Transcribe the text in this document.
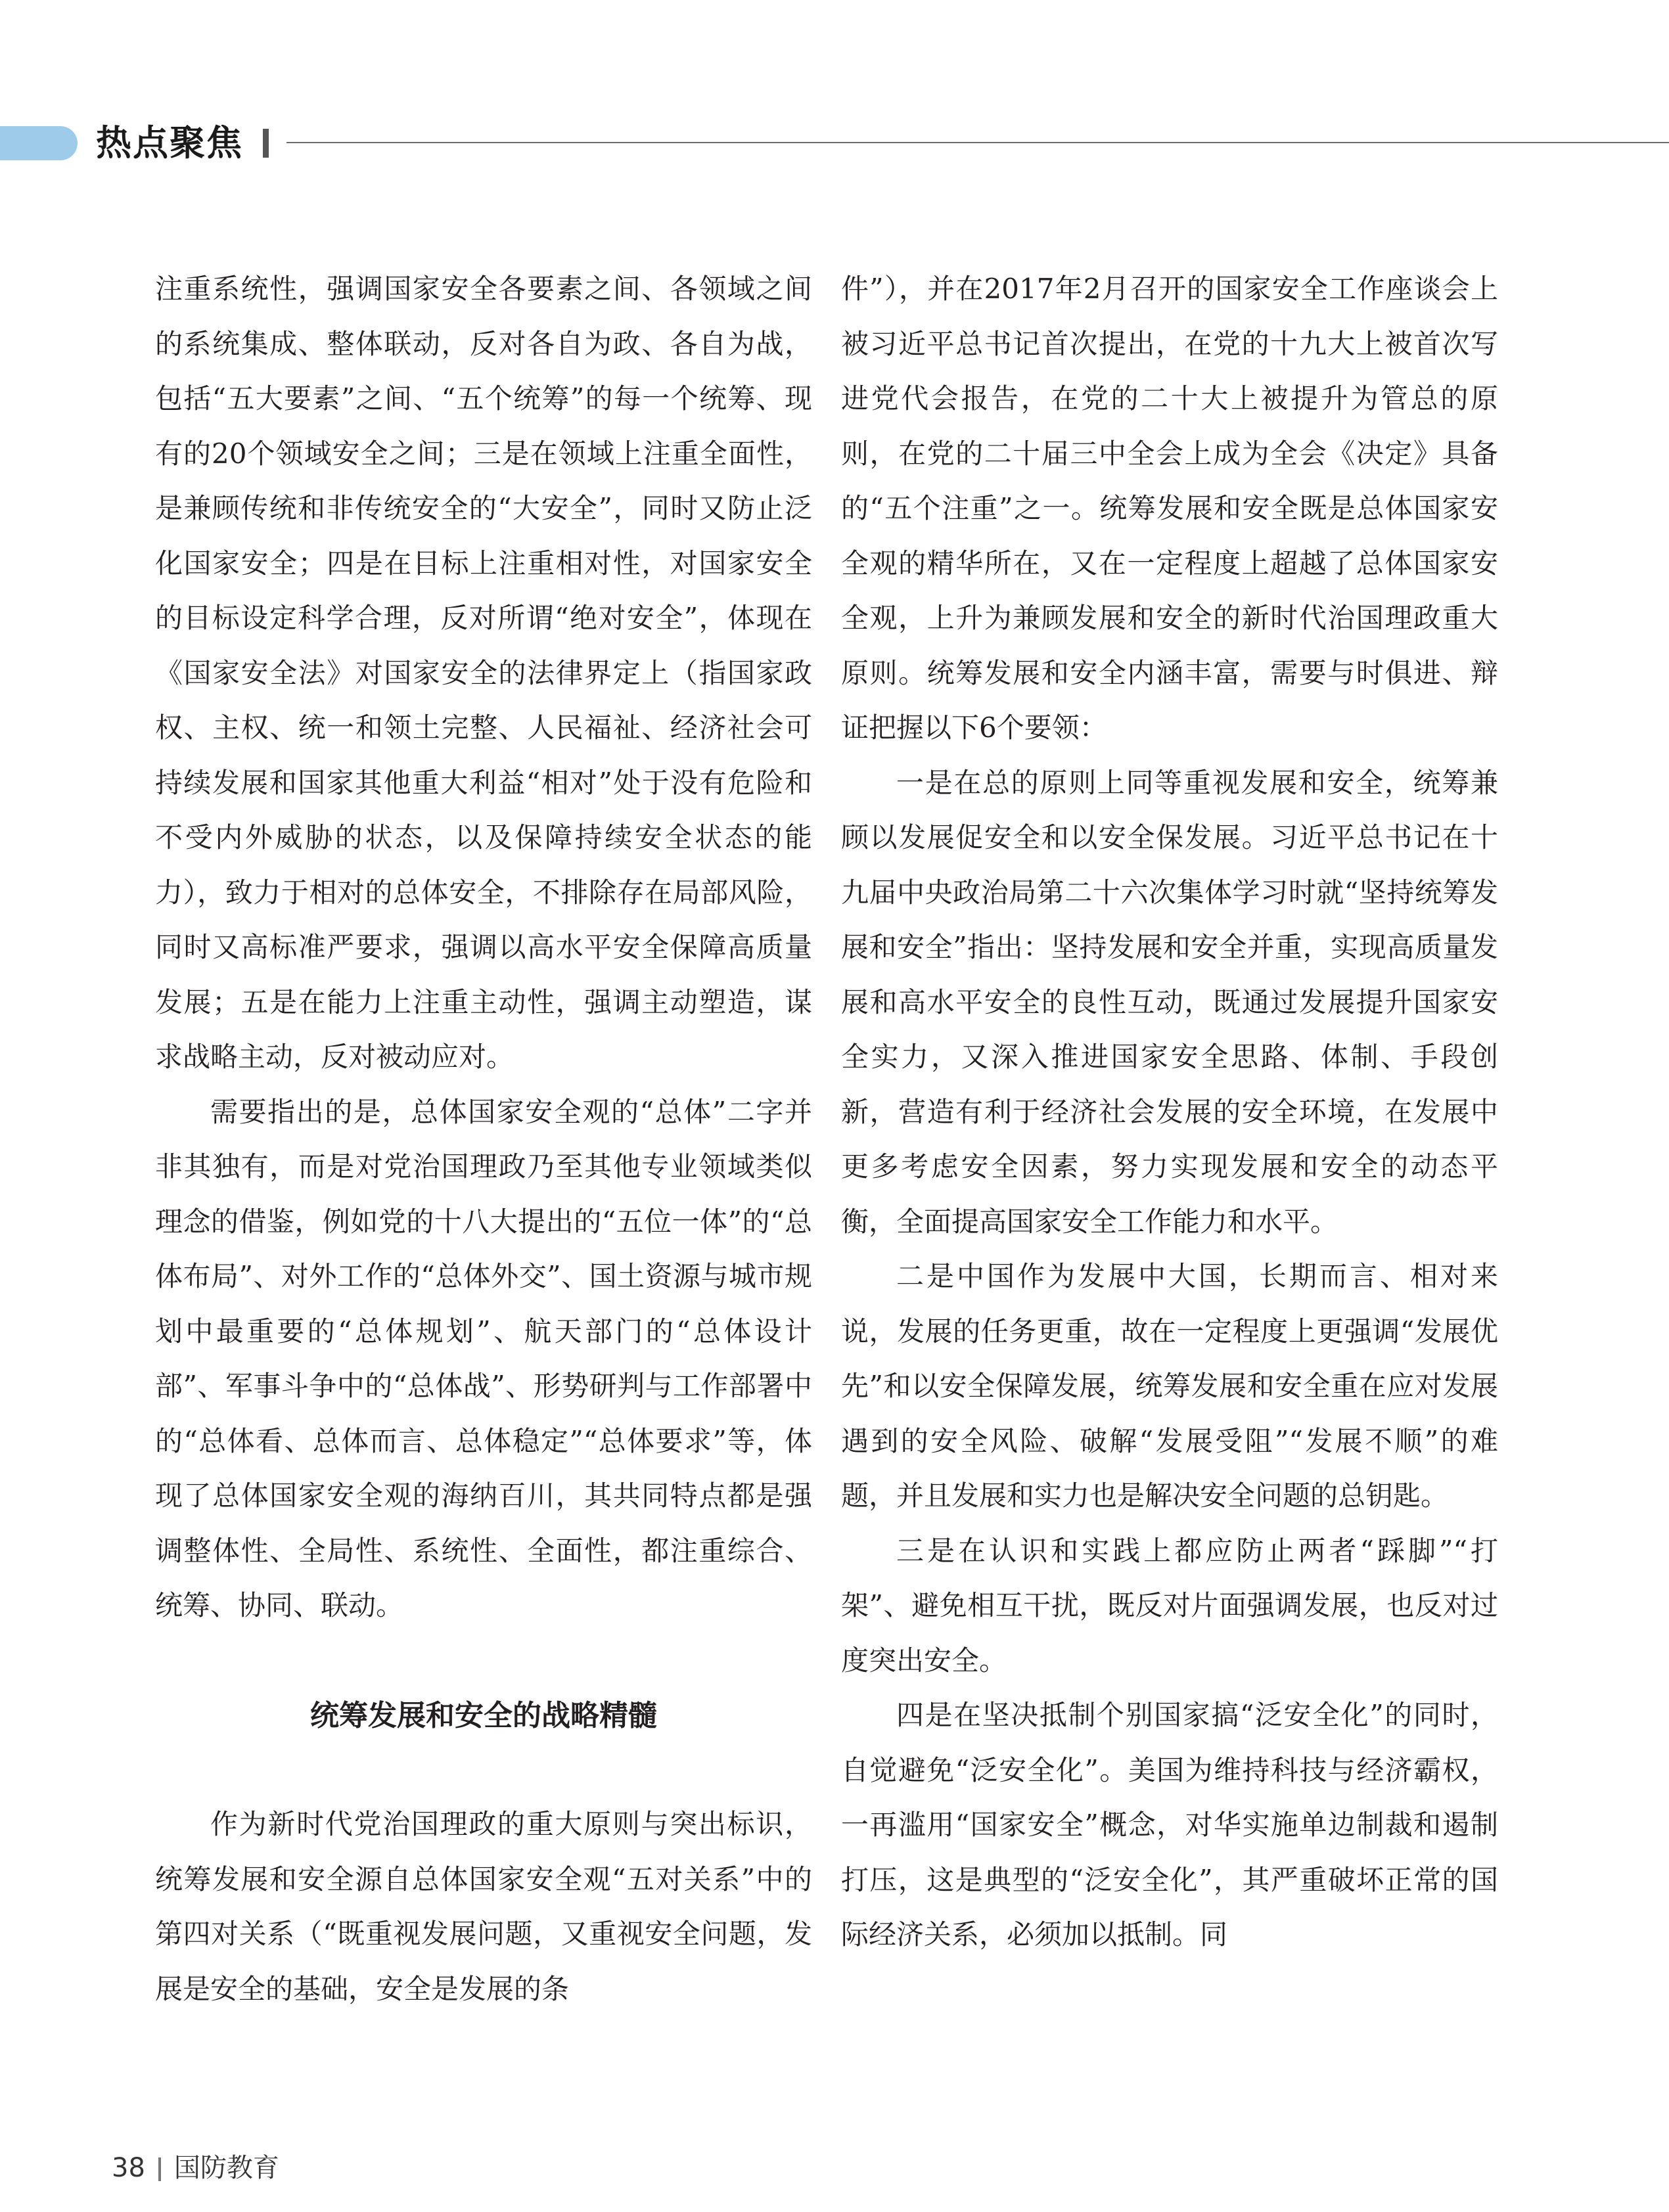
热点聚焦

注重系统性，强调国家安全各要素之间、各领域之间的系统集成、整体联动，反对各自为政、各自为战，包括“五大要素”之间、“五个统筹”的每一个统筹、现有的20个领域安全之间；三是在领域上注重全面性，是兼顾传统和非传统安全的“大安全”，同时又防止泛化国家安全；四是在目标上注重相对性，对国家安全的目标设定科学合理，反对所谓“绝对安全”，体现在《国家安全法》对国家安全的法律界定上（指国家政权、主权、统一和领土完整、人民福祉、经济社会可持续发展和国家其他重大利益“相对”处于没有危险和不受内外威胁的状态，以及保障持续安全状态的能力），致力于相对的总体安全，不排除存在局部风险，同时又高标准严要求，强调以高水平安全保障高质量发展；五是在能力上注重主动性，强调主动塑造，谋求战略主动，反对被动应对。

需要指出的是，总体国家安全观的“总体”二字并非其独有，而是对党治国理政乃至其他专业领域类似理念的借鉴，例如党的十八大提出的“五位一体”的“总体布局”、对外工作的“总体外交”、国土资源与城市规划中最重要的“总体规划”、航天部门的“总体设计部”、军事斗争中的“总体战”、形势研判与工作部署中的“总体看、总体而言、总体稳定”“总体要求”等，体现了总体国家安全观的海纳百川，其共同特点都是强调整体性、全局性、系统性、全面性，都注重综合、统筹、协同、联动。

统筹发展和安全的战略精髓

作为新时代党治国理政的重大原则与突出标识，统筹发展和安全源自总体国家安全观“五对关系”中的第四对关系（“既重视发展问题，又重视安全问题，发展是安全的基础，安全是发展的条

件”），并在2017年2月召开的国家安全工作座谈会上被习近平总书记首次提出，在党的十九大上被首次写进党代会报告，在党的二十大上被提升为管总的原则，在党的二十届三中全会上成为全会《决定》具备的“五个注重”之一。统筹发展和安全既是总体国家安全观的精华所在，又在一定程度上超越了总体国家安全观，上升为兼顾发展和安全的新时代治国理政重大原则。统筹发展和安全内涵丰富，需要与时俱进、辩证把握以下6个要领：

一是在总的原则上同等重视发展和安全，统筹兼顾以发展促安全和以安全保发展。习近平总书记在十九届中央政治局第二十六次集体学习时就“坚持统筹发展和安全”指出：坚持发展和安全并重，实现高质量发展和高水平安全的良性互动，既通过发展提升国家安全实力，又深入推进国家安全思路、体制、手段创新，营造有利于经济社会发展的安全环境，在发展中更多考虑安全因素，努力实现发展和安全的动态平衡，全面提高国家安全工作能力和水平。

二是中国作为发展中大国，长期而言、相对来说，发展的任务更重，故在一定程度上更强调“发展优先”和以安全保障发展，统筹发展和安全重在应对发展遇到的安全风险、破解“发展受阻”“发展不顺”的难题，并且发展和实力也是解决安全问题的总钥匙。

三是在认识和实践上都应防止两者“踩脚”“打架”、避免相互干扰，既反对片面强调发展，也反对过度突出安全。

四是在坚决抵制个别国家搞“泛安全化”的同时，自觉避免“泛安全化”。美国为维持科技与经济霸权，一再滥用“国家安全”概念，对华实施单边制裁和遏制打压，这是典型的“泛安全化”，其严重破坏正常的国际经济关系，必须加以抵制。同

38 国防教育
